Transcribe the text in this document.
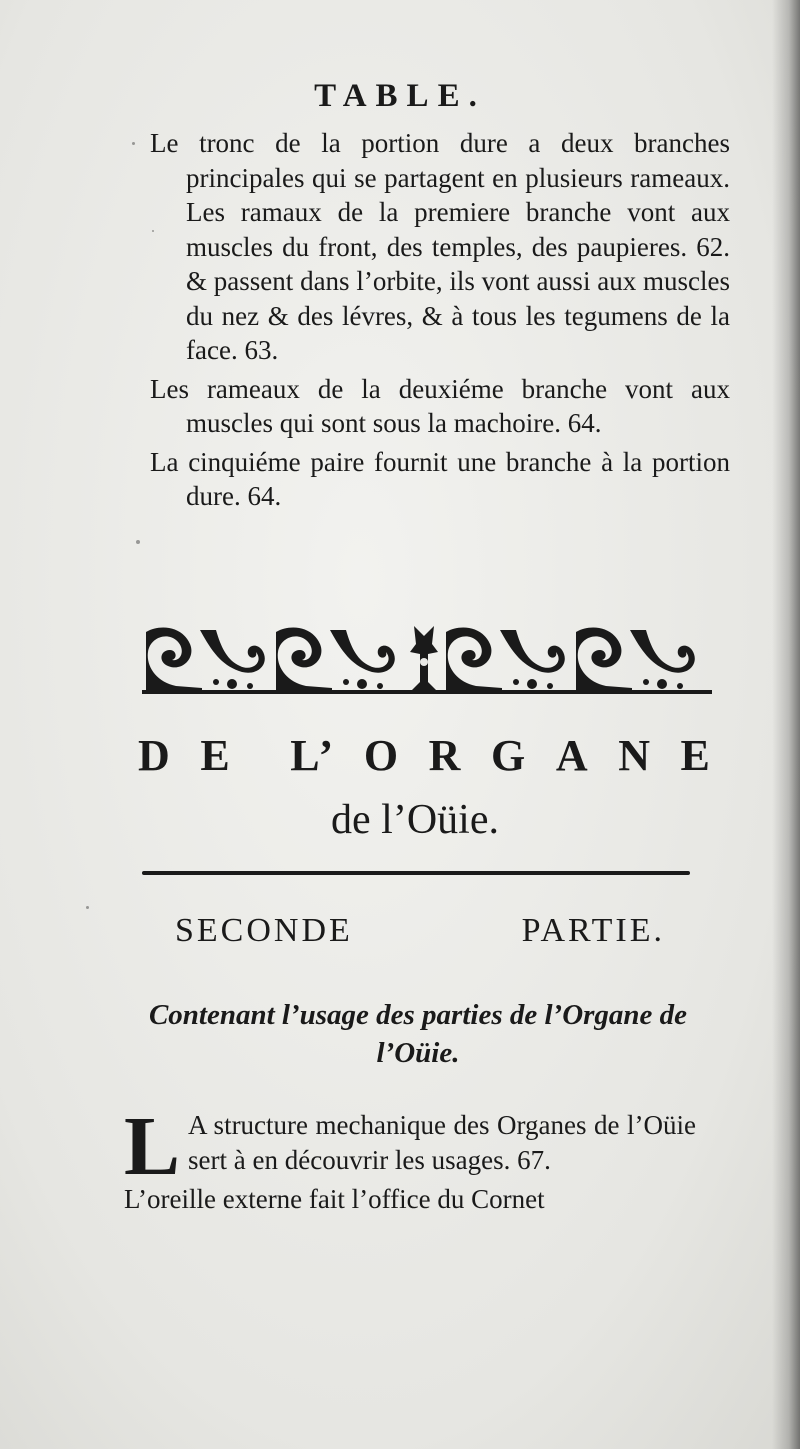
TABLE.

Le tronc de la portion dure a deux branches principales qui se partagent en plusieurs rameaux. Les ramaux de la premiere branche vont aux muscles du front, des temples, des paupieres. 62. & passent dans l’orbite, ils vont aussi aux muscles du nez & des lévres, & à tous les tegumens de la face. 63.

Les rameaux de la deuxiéme branche vont aux muscles qui sont sous la machoire. 64.

La cinquiéme paire fournit une branche à la portion dure. 64.

D E L’ O R G A N E
de l’Oüie.
SECONDE	PARTIE.
Contenant l’usage des parties de l’Organe de l’Oüie.

L A structure mechanique des Organes de l’Oüie sert à en découvrir les usages. 67.

L’oreille externe fait l’office du Cornet
